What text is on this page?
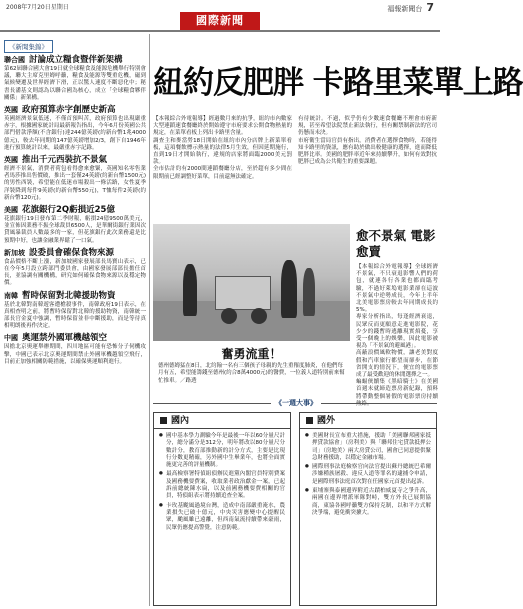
2008年7月20日星期日	福報新聞台 7
國際新聞
《新聞集錦》
聯合國 討論成立糧食暨伴新架構
第62屆聯合國大會19日就全球糧食及能源危機舉行特別會議，聯大主席克里姆呼籲，糧食及能源等雙重危機，磁到氣候變遷及世界經濟下滑，正以驚人速度不斷惡化中；秘書長潘基文則認為以聯合國為核心，成立「全球糧食夥伴關係」新架構。
英國 政府預算赤字創歷史新高
英國經濟景氣低迷，不僅首預叫苦，政府預算也出現嚴重赤字，根據國家統計局最新報告指出，今年6月份英國公共部門借款淨額(不含銀行)達244億英鎊(約新台幣1兆4000億元)，較去年同期的147億英鎊增加2/3，創下自1946年進行預算統計以來，最嚴重赤字記錄。
英國 推出千元西裝抗不景氣
經濟不景氣，消費者荷包看得愈來愈緊，英國知名零售業者馬莎推出售價破，推出一套僅24英鎊(約新台幣1500元)的男性西裝，希望能在低迷市場殺出一條活路，女性夏季洋裝降到每件9英鎊(約新台幣550元)，T恤每件2英鎊(約新台幣120元)。
美國 花旗銀行2Q虧損近25億
花旗銀行19日發布第二季財報，虧損24億9500萬美元，並宣佈因業務不振全球裁員6500人，是華爾街銀行業因次貸風暴裁員人數最多的一家，但花旗銀行此次業務還是比預期中好，也讓金融業界鬆了一口氣。
新加坡 設委員會確保食物來源
食品價格不斷上漲，新加坡國家發展部長馬寶山表示，已在今年5月設立跨部門委員會，由國家發展部部長擔任首長，並協調有關機構，研究如何確保食物來源以及穩定物價。
南韓 暫時保留對北韓援助物資
基於北韓對南韓遊客遭槍殺事件，南韓政府19日表示，在真相查明之前，將暫時保留對北韓的援助物資，南韓統一部長官金夏中強調，暫時保留並非中斷援助，而是等待真相明朗後再作決定。
中國 奧運禁外國軍機越領空
因擔北京奧運舉辦期間，四川地區可能有恐怖分子伺機攻擊，中國已表示北京奧運期間禁止外國軍機越領空飛行，目前正加強相關防範措施，以確保奧運順利進行。
紐約反肥胖 卡路里菜單上路
【本報綜合外電報導】經過數月來的抗爭，紐約市內數家大型連鎖速食餐廳終於開始遵守市府要求公開食物熱量的規定，在菜單看板上列出卡路里含量。
調查主和麥當勞18日開始在紐約市內分店牌上新菜單看板，這項餐飲標示熱量的法律5月生效，但因延期施行，直到19日才開始執行，違規的店家將面臨2000美元罰款。
全市估計約有2000間連鎖餐廳分店，至於超有多少間在限期前已經調整好菜單，目前還無法確定。
有待統計。不過，似乎仍有少數速食餐廳不理會市府新規，甚至希望法院禁止新法執行，但有關禁制新法的官司仍懸而未決。
市府衛生當局官員有指出，消費者在選擇食物時，若能得知卡路里的資訊，應有助於做出較健康的選擇，進而降低肥胖比率。美國的肥胖率近年來持續攀升，如何有效對抗肥胖已成為公共衛生的重要課題。
奮勇流重！
德州德姆猛在8日，北約翰一名有三個孩子母親的先生重罹度肺炎，在他們每月有五，希望能籌錢至德州(約合8萬4000元)的醫費，一位義人道特別前來幫忙推車。／路透
愈不景氣 電影愈賣
【本報綜合外電報導】全球經濟不景氣，不只衰退影響人們的荷包，就連各行各業也都面臨考驗，不過好萊塢電影業卻在這波不景氣中逆勢成長，今年上半年北美電影票房較去年同期成長約5%。
專家分析指出，每逢經濟衰退，民眾反而更願意走進電影院，花少少的錢暫時逃離現實煩憂，享受一個晚上的娛樂，因此電影被視為「不景氣的避風港」。
高蔽浪價風軟物價，讓老美對度假和汽車旅行都望而卻步，在節省開支的情況下，便宜的電影票成了最受歡迎的休閒選擇之一。
蝙蝠俠續集《黑暗騎士》在美國首週末就締造票房新紀錄，預料將帶動整個暑假的電影票房持續
《一週大事》
國內
● 國中基本學力測驗今年是最後一年以60分量尺計分，總分滿分是312分，明年將改以80分量尺分數計分，教育部推動新的計分方式，主要是比現行分數更精確，另外國中生畢業年，也將全面實施更完善的評量機制。
● 最高檢察署特偵組偵辦民進黨內閣官員特別費案及國務機要費案，收取業者政治獻金一案，已起訴前總統陳水扁，以及前國務機要費相關的官員，特偵組表示將持續追查全案。
● 卡玫基颱風過境台灣，造成中南部嚴重淹水，農業損失已破十億元，中央災害應變中心提醒民眾，颱風雖已遠離，但西南氣流持續帶來豪雨，民眾仍應提高警覺，注意防範。
國外
● 美國財長宣布重大措施，援助「美國聯邦國家抵押貸款協會」（房利美）與「聯邦住宅貸款抵押公司」（房地美）兩大房貸公司，國會已同意提供緊急財務援助，以穩定金融市場。
● 國際刑事法庭檢察官向法官提出蘇丹總統巴希爾涉嫌種族屠殺、違反人道等罪名的逮捕令申請，是國際刑事法庭首次對在任國家元首提出起訴。
● 東埔寨與泰國邊界附近古蹟柏威夏寺之爭升高，兩國在邊界增派軍隊對峙，雙方外長已展開協商，東協各國呼籲雙方保持克制，以和平方式解決爭端，避免衝突擴大。
